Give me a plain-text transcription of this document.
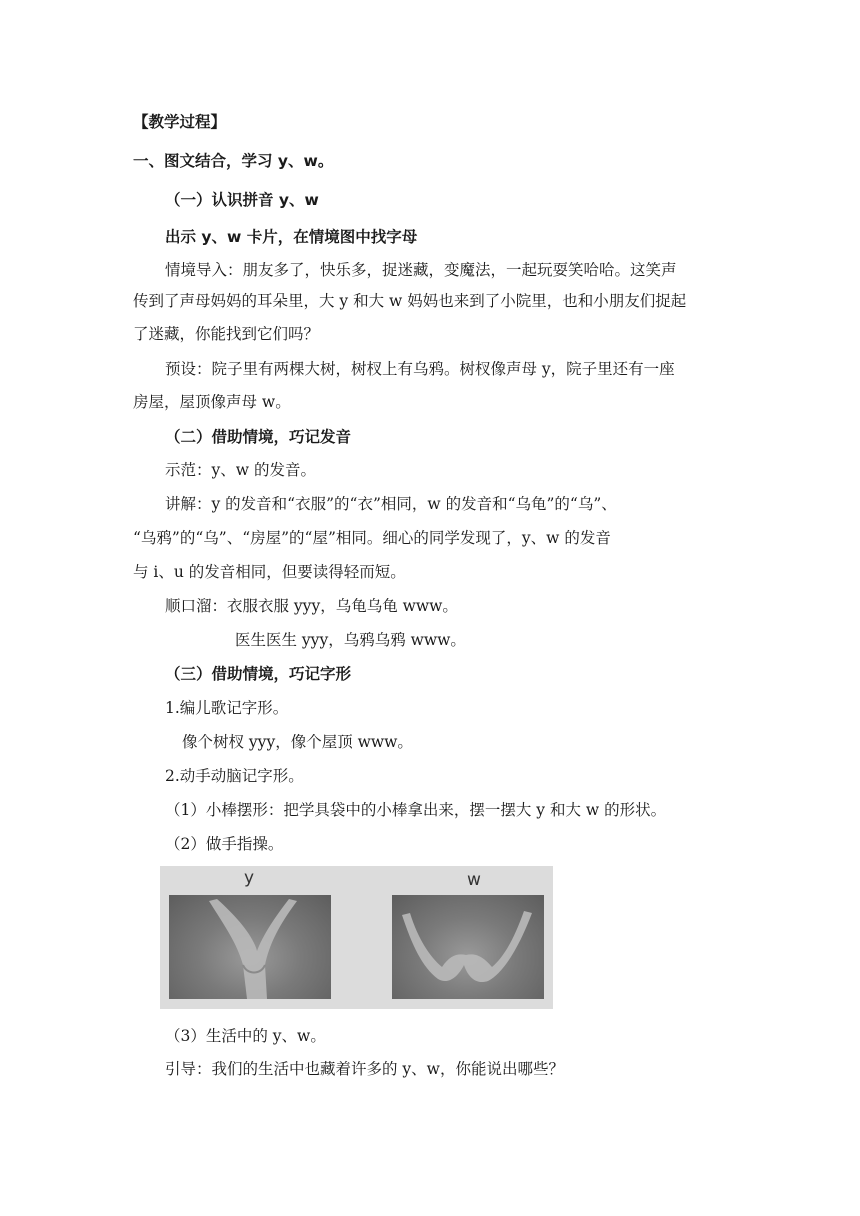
【教学过程】
一、图文结合，学习 y、w。
（一）认识拼音 y、w
出示 y、w 卡片，在情境图中找字母
情境导入：朋友多了，快乐多，捉迷藏，变魔法，一起玩耍笑哈哈。这笑声
传到了声母妈妈的耳朵里，大 y 和大 w 妈妈也来到了小院里，也和小朋友们捉起
了迷藏，你能找到它们吗？
预设：院子里有两棵大树，树杈上有乌鸦。树杈像声母 y，院子里还有一座
房屋，屋顶像声母 w。
（二）借助情境，巧记发音
示范：y、w 的发音。
讲解：y 的发音和“衣服”的“衣”相同，w 的发音和“乌龟”的“乌”、
“乌鸦”的“乌”、“房屋”的“屋”相同。细心的同学发现了，y、w 的发音
与 i、u 的发音相同，但要读得轻而短。
顺口溜：衣服衣服 yyy，乌龟乌龟 www。
医生医生 yyy，乌鸦乌鸦 www。
（三）借助情境，巧记字形
1.编儿歌记字形。
像个树杈 yyy，像个屋顶 www。
2.动手动脑记字形。
（1）小棒摆形：把学具袋中的小棒拿出来，摆一摆大 y 和大 w 的形状。
（2）做手指操。
y	w
（3）生活中的 y、w。
引导：我们的生活中也藏着许多的 y、w，你能说出哪些？
